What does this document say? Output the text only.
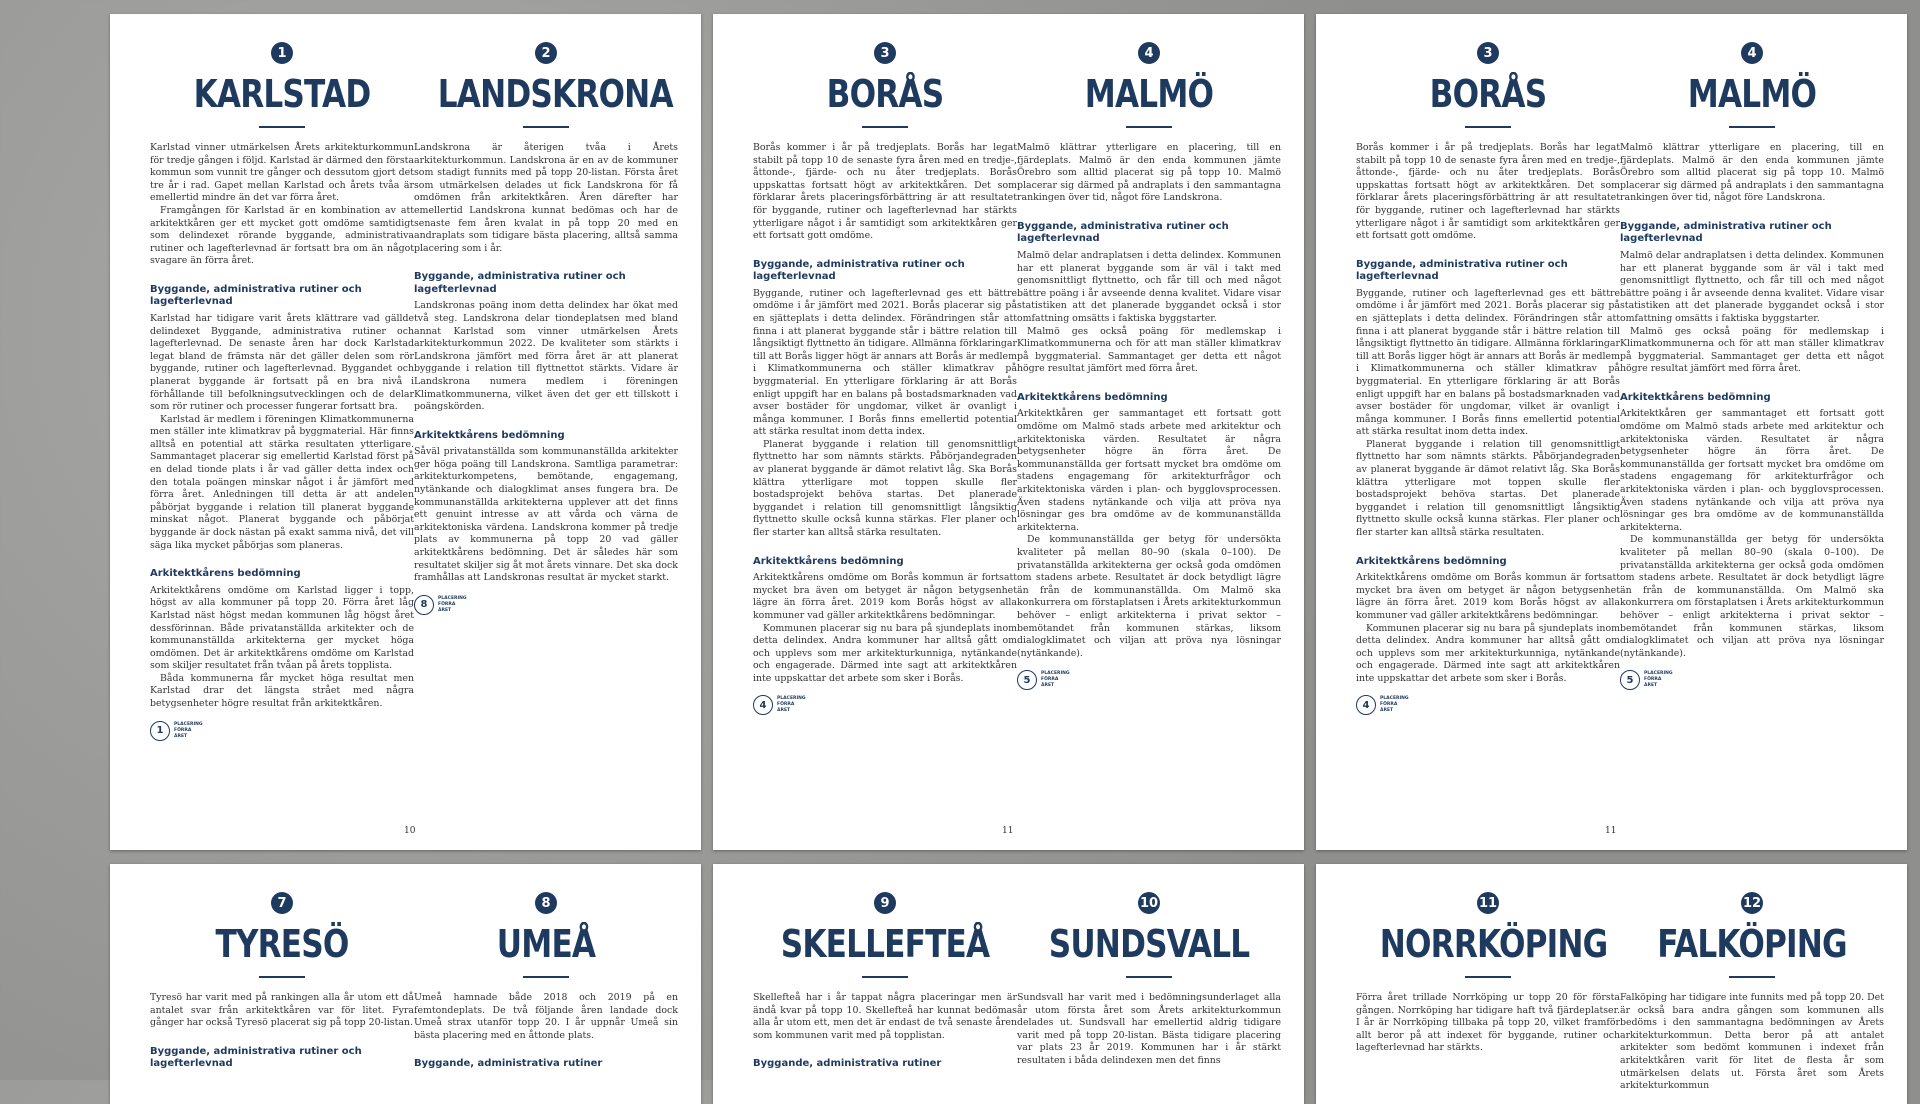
1
KARLSTAD

Karlstad vinner utmärkelsen Årets arkitekturkommun för tredje gången i följd. Karlstad är därmed den första kommun som vunnit tre gånger och dessutom gjort det tre år i rad. Gapet mellan Karlstad och årets tvåa är emellertid mindre än det var förra året.

Framgången för Karlstad är en kombination av att arkitektkåren ger ett mycket gott omdöme samtidigt som delindexet rörande byggande, administrativa rutiner och lagefterlevnad är fortsatt bra om än något svagare än förra året.

Byggande, administrativa rutiner och lagefterlevnad

Karlstad har tidigare varit årets klättrare vad gällde delindexet Byggande, administrativa rutiner och lagefterlevnad. De senaste åren har dock Karlstad legat bland de främsta när det gäller delen som rör byggande, rutiner och lagefterlevnad. Byggandet och planerat byggande är fortsatt på en bra nivå i förhållande till befolkningsutvecklingen och de delar som rör rutiner och processer fungerar fortsatt bra.

Karlstad är medlem i föreningen Klimatkommunerna men ställer inte klimatkrav på byggmaterial. Här finns alltså en potential att stärka resultaten ytterligare. Sammantaget placerar sig emellertid Karlstad först på en delad tionde plats i år vad gäller detta index och den totala poängen minskar något i år jämfört med förra året. Anledningen till detta är att andelen påbörjat byggande i relation till planerat byggande minskat något. Planerat byggande och påbörjat byggande är dock nästan på exakt samma nivå, det vill säga lika mycket påbörjas som planeras.

Arkitektkårens bedömning

Arkitektkårens omdöme om Karlstad ligger i topp, högst av alla kommuner på topp 20. Förra året låg Karlstad näst högst medan kommunen låg högst året dessförinnan. Både privatanställda arkitekter och de kommunanställda arkitekterna ger mycket höga omdömen. Det är arkitektkårens omdöme om Karlstad som skiljer resultatet från tvåan på årets topplista.

Båda kommunerna får mycket höga resultat men Karlstad drar det längsta strået med några betygsenheter högre resultat från arkitektkåren.

1
PLACERING FÖRRA ÅRET
2
LANDSKRONA

Landskrona är återigen tvåa i Årets arkitekturkommun. Landskrona är en av de kommuner som stadigt funnits med på topp 20-listan. Första året som utmärkelsen delades ut fick Landskrona för få omdömen från arkitektkåren. Åren därefter har emellertid Landskrona kunnat bedömas och har de senaste fem åren kvalat in på topp 20 med en andraplats som tidigare bästa placering, alltså samma placering som i år.

Byggande, administrativa rutiner och lagefterlevnad

Landskronas poäng inom detta delindex har ökat med två steg. Landskrona delar tiondeplatsen med bland annat Karlstad som vinner utmärkelsen Årets arkitekturkommun 2022. De kvaliteter som stärkts i Landskrona jämfört med förra året är att planerat byggande i relation till flyttnettot stärkts. Vidare är Landskrona numera medlem i föreningen Klimatkommunerna, vilket även det ger ett tillskott i poängskörden.

Arkitektkårens bedömning

Såväl privatanställda som kommunanställda arkitekter ger höga poäng till Landskrona. Samtliga parametrar: arkitekturkompetens, bemötande, engagemang, nytänkande och dialogklimat anses fungera bra. De kommunanställda arkitekterna upplever att det finns ett genuint intresse av att vårda och värna de arkitektoniska värdena. Landskrona kommer på tredje plats av kommunerna på topp 20 vad gäller arkitektkårens bedömning. Det är således här som resultatet skiljer sig åt mot årets vinnare. Det ska dock framhållas att Landskronas resultat är mycket starkt.

8
PLACERING FÖRRA ÅRET
10
3
BORÅS

Borås kommer i år på tredjeplats. Borås har legat stabilt på topp 10 de senaste fyra åren med en tredje-, åttonde-, fjärde- och nu åter tredjeplats. Borås uppskattas fortsatt högt av arkitektkåren. Det som förklarar årets placeringsförbättring är att resultatet för byggande, rutiner och lagefterlevnad har stärkts ytterligare något i år samtidigt som arkitektkåren ger ett fortsatt gott omdöme.

Byggande, administrativa rutiner och lagefterlevnad

Byggande, rutiner och lagefterlevnad ges ett bättre omdöme i år jämfört med 2021. Borås placerar sig på en sjätteplats i detta delindex. Förändringen står att finna i att planerat byggande står i bättre relation till långsiktigt flyttnetto än tidigare. Allmänna förklaringar till att Borås ligger högt är annars att Borås är medlem i Klimatkommunerna och ställer klimatkrav på byggmaterial. En ytterligare förklaring är att Borås enligt uppgift har en balans på bostadsmarknaden vad avser bostäder för ungdomar, vilket är ovanligt i många kommuner. I Borås finns emellertid potential att stärka resultat inom detta index.

Planerat byggande i relation till genomsnittligt flyttnetto har som nämnts stärkts. Påbörjandegraden av planerat byggande är dämot relativt låg. Ska Borås klättra ytterligare mot toppen skulle fler bostadsprojekt behöva startas. Det planerade byggandet i relation till genomsnittligt långsiktig flyttnetto skulle också kunna stärkas. Fler planer och fler starter kan alltså stärka resultaten.

Arkitektkårens bedömning

Arkitektkårens omdöme om Borås kommun är fortsatt mycket bra även om betyget är någon betygsenhet lägre än förra året. 2019 kom Borås högst av alla kommuner vad gäller arkitektkårens bedömningar.

Kommunen placerar sig nu bara på sjundeplats inom detta delindex. Andra kommuner har alltså gått om och upplevs som mer arkitekturkunniga, nytänkande och engagerade. Därmed inte sagt att arkitektkåren inte uppskattar det arbete som sker i Borås.

4
PLACERING FÖRRA ÅRET
4
MALMÖ

Malmö klättrar ytterligare en placering, till en fjärdeplats. Malmö är den enda kommunen jämte Örebro som alltid placerat sig på topp 10. Malmö placerar sig därmed på andraplats i den sammantagna rankingen över tid, något före Landskrona.

Byggande, administrativa rutiner och lagefterlevnad

Malmö delar andraplatsen i detta delindex. Kommunen har ett planerat byggande som är väl i takt med genomsnittligt flyttnetto, och får till och med något bättre poäng i år avseende denna kvalitet. Vidare visar statistiken att det planerade byggandet också i stor omfattning omsätts i faktiska byggstarter.

Malmö ges också poäng för medlemskap i Klimatkommunerna och för att man ställer klimatkrav på byggmaterial. Sammantaget ger detta ett något högre resultat jämfört med förra året.

Arkitektkårens bedömning

Arkitektkåren ger sammantaget ett fortsatt gott omdöme om Malmö stads arbete med arkitektur och arkitektoniska värden. Resultatet är några betygsenheter högre än förra året. De kommunanställda ger fortsatt mycket bra omdöme om stadens engagemang för arkitekturfrågor och arkitektoniska värden i plan- och bygglovsprocessen. Även stadens nytänkande och vilja att pröva nya lösningar ges bra omdöme av de kommunanställda arkitekterna.

De kommunanställda ger betyg för undersökta kvaliteter på mellan 80–90 (skala 0–100). De privatanställda arkitekterna ger också goda omdömen om stadens arbete. Resultatet är dock betydligt lägre än från de kommunanställda. Om Malmö ska konkurrera om förstaplatsen i Årets arkitekturkommun behöver – enligt arkitekterna i privat sektor – bemötandet från kommunen stärkas, liksom dialogklimatet och viljan att pröva nya lösningar (nytänkande).

5
PLACERING FÖRRA ÅRET
11
3
BORÅS

Borås kommer i år på tredjeplats. Borås har legat stabilt på topp 10 de senaste fyra åren med en tredje-, åttonde-, fjärde- och nu åter tredjeplats. Borås uppskattas fortsatt högt av arkitektkåren. Det som förklarar årets placeringsförbättring är att resultatet för byggande, rutiner och lagefterlevnad har stärkts ytterligare något i år samtidigt som arkitektkåren ger ett fortsatt gott omdöme.

Byggande, administrativa rutiner och lagefterlevnad

Byggande, rutiner och lagefterlevnad ges ett bättre omdöme i år jämfört med 2021. Borås placerar sig på en sjätteplats i detta delindex. Förändringen står att finna i att planerat byggande står i bättre relation till långsiktigt flyttnetto än tidigare. Allmänna förklaringar till att Borås ligger högt är annars att Borås är medlem i Klimatkommunerna och ställer klimatkrav på byggmaterial. En ytterligare förklaring är att Borås enligt uppgift har en balans på bostadsmarknaden vad avser bostäder för ungdomar, vilket är ovanligt i många kommuner. I Borås finns emellertid potential att stärka resultat inom detta index.

Planerat byggande i relation till genomsnittligt flyttnetto har som nämnts stärkts. Påbörjandegraden av planerat byggande är dämot relativt låg. Ska Borås klättra ytterligare mot toppen skulle fler bostadsprojekt behöva startas. Det planerade byggandet i relation till genomsnittligt långsiktig flyttnetto skulle också kunna stärkas. Fler planer och fler starter kan alltså stärka resultaten.

Arkitektkårens bedömning

Arkitektkårens omdöme om Borås kommun är fortsatt mycket bra även om betyget är någon betygsenhet lägre än förra året. 2019 kom Borås högst av alla kommuner vad gäller arkitektkårens bedömningar.

Kommunen placerar sig nu bara på sjundeplats inom detta delindex. Andra kommuner har alltså gått om och upplevs som mer arkitekturkunniga, nytänkande och engagerade. Därmed inte sagt att arkitektkåren inte uppskattar det arbete som sker i Borås.

4
PLACERING FÖRRA ÅRET
4
MALMÖ

Malmö klättrar ytterligare en placering, till en fjärdeplats. Malmö är den enda kommunen jämte Örebro som alltid placerat sig på topp 10. Malmö placerar sig därmed på andraplats i den sammantagna rankingen över tid, något före Landskrona.

Byggande, administrativa rutiner och lagefterlevnad

Malmö delar andraplatsen i detta delindex. Kommunen har ett planerat byggande som är väl i takt med genomsnittligt flyttnetto, och får till och med något bättre poäng i år avseende denna kvalitet. Vidare visar statistiken att det planerade byggandet också i stor omfattning omsätts i faktiska byggstarter.

Malmö ges också poäng för medlemskap i Klimatkommunerna och för att man ställer klimatkrav på byggmaterial. Sammantaget ger detta ett något högre resultat jämfört med förra året.

Arkitektkårens bedömning

Arkitektkåren ger sammantaget ett fortsatt gott omdöme om Malmö stads arbete med arkitektur och arkitektoniska värden. Resultatet är några betygsenheter högre än förra året. De kommunanställda ger fortsatt mycket bra omdöme om stadens engagemang för arkitekturfrågor och arkitektoniska värden i plan- och bygglovsprocessen. Även stadens nytänkande och vilja att pröva nya lösningar ges bra omdöme av de kommunanställda arkitekterna.

De kommunanställda ger betyg för undersökta kvaliteter på mellan 80–90 (skala 0–100). De privatanställda arkitekterna ger också goda omdömen om stadens arbete. Resultatet är dock betydligt lägre än från de kommunanställda. Om Malmö ska konkurrera om förstaplatsen i Årets arkitekturkommun behöver – enligt arkitekterna i privat sektor – bemötandet från kommunen stärkas, liksom dialogklimatet och viljan att pröva nya lösningar (nytänkande).

5
PLACERING FÖRRA ÅRET
11
7
TYRESÖ

Tyresö har varit med på rankingen alla år utom ett då antalet svar från arkitektkåren var för litet. Fyra gånger har också Tyresö placerat sig på topp 20-listan.

Byggande, administrativa rutiner och lagefterlevnad
8
UMEÅ

Umeå hamnade både 2018 och 2019 på en femtondeplats. De två följande åren landade dock Umeå strax utanför topp 20. I år uppnår Umeå sin bästa placering med en åttonde plats.

Byggande, administrativa rutiner
9
SKELLEFTEÅ

Skellefteå har i år tappat några placeringar men är ändå kvar på topp 10. Skellefteå har kunnat bedömas alla år utom ett, men det är endast de två senaste åren som kommunen varit med på topplistan.

Byggande, administrativa rutiner
10
SUNDSVALL

Sundsvall har varit med i bedömningsunderlaget alla år utom första året som Årets arkitekturkommun delades ut. Sundsvall har emellertid aldrig tidigare varit med på topp 20-listan. Bästa tidigare placering var plats 23 år 2019. Kommunen har i år stärkt resultaten i båda delindexen men det finns

11
NORRKÖPING

Förra året trillade Norrköping ur topp 20 för första gången. Norrköping har tidigare haft två fjärdeplatser. I år är Norrköping tillbaka på topp 20, vilket framför allt beror på att indexet för byggande, rutiner och lagefterlevnad har stärkts.

12
FALKÖPING

Falköping har tidigare inte funnits med på topp 20. Det är också bara andra gången som kommunen alls bedöms i den sammantagna bedömningen av Årets arkitekturkommun. Detta beror på att antalet arkitekter som bedömt kommunen i indexet från arkitektkåren varit för litet de flesta år som utmärkelsen delats ut. Första året som Årets arkitekturkommun
